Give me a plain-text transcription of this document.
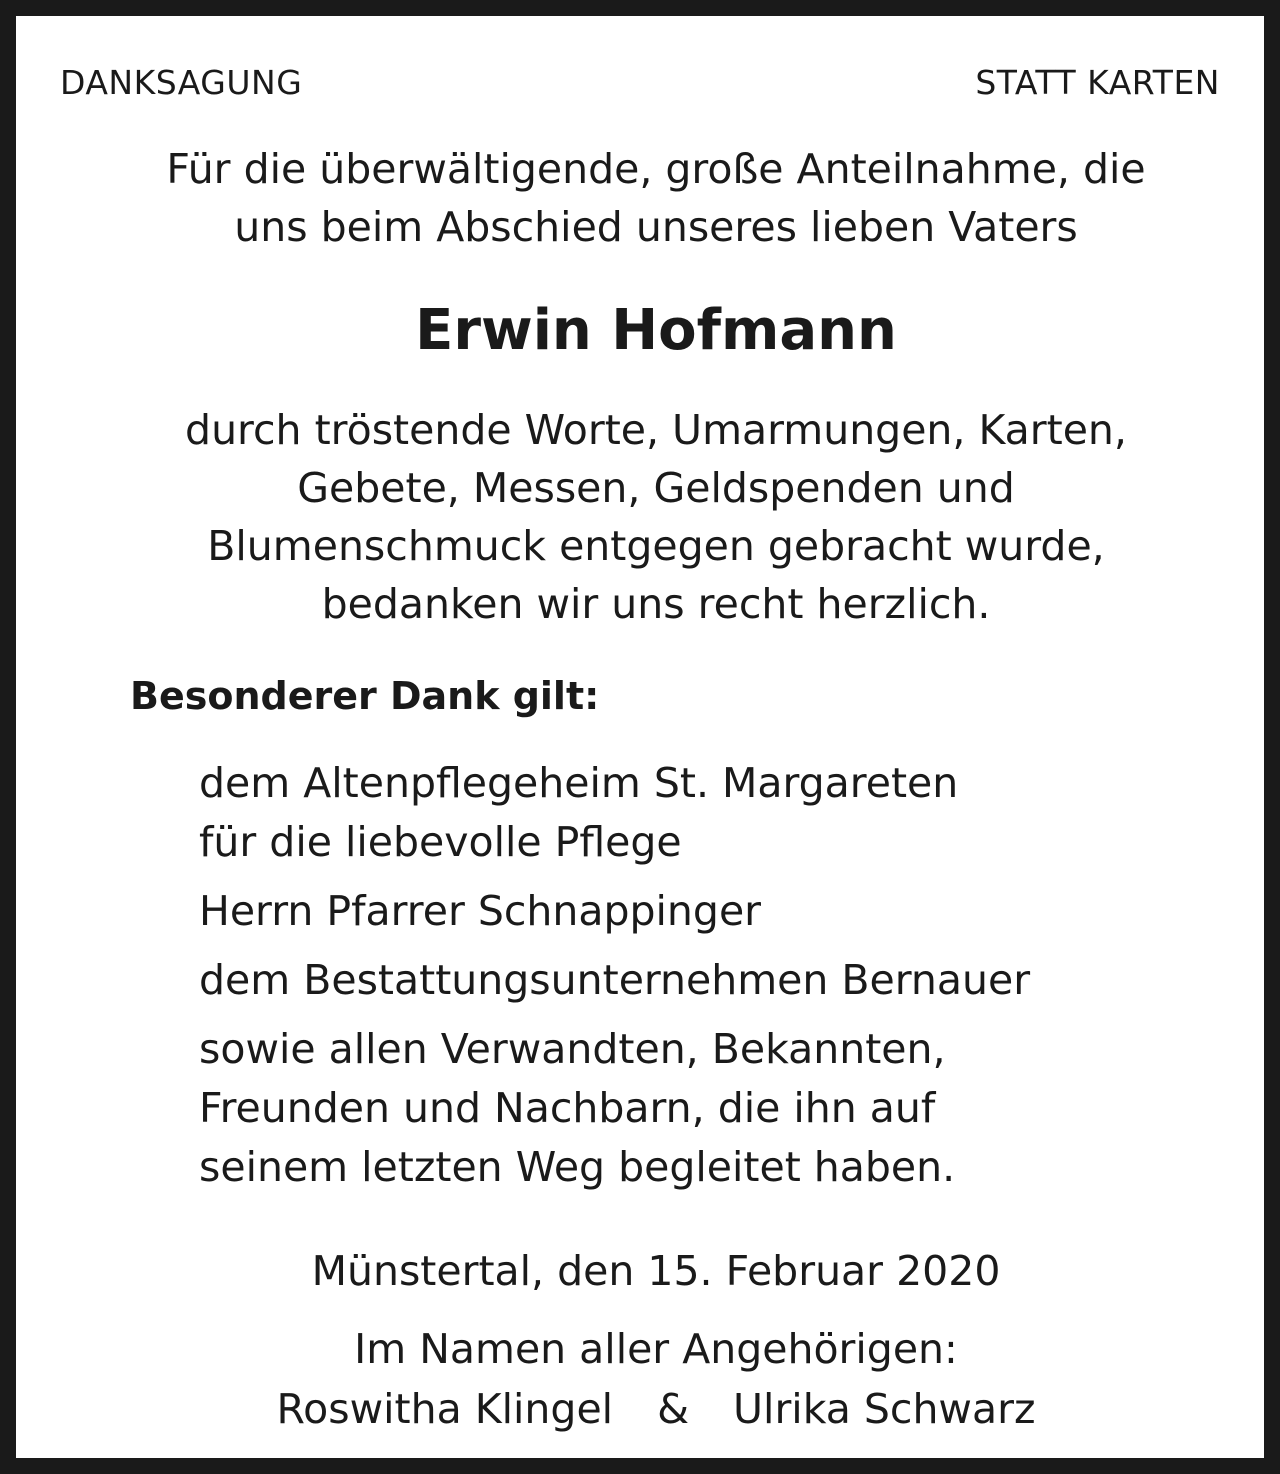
DANKSAGUNG	STATT KARTEN
Für die überwältigende, große Anteilnahme, die
uns beim Abschied unseres lieben Vaters
Erwin Hofmann
durch tröstende Worte, Umarmungen, Karten,
Gebete, Messen, Geldspenden und
Blumenschmuck entgegen gebracht wurde,
bedanken wir uns recht herzlich.
Besonderer Dank gilt:
dem Altenpflegeheim St. Margareten
für die liebevolle Pflege
Herrn Pfarrer Schnappinger
dem Bestattungsunternehmen Bernauer
sowie allen Verwandten, Bekannten,
Freunden und Nachbarn, die ihn auf
seinem letzten Weg begleitet haben.
Münstertal, den 15. Februar 2020
Im Namen aller Angehörigen:
Roswitha Klingel & Ulrika Schwarz
